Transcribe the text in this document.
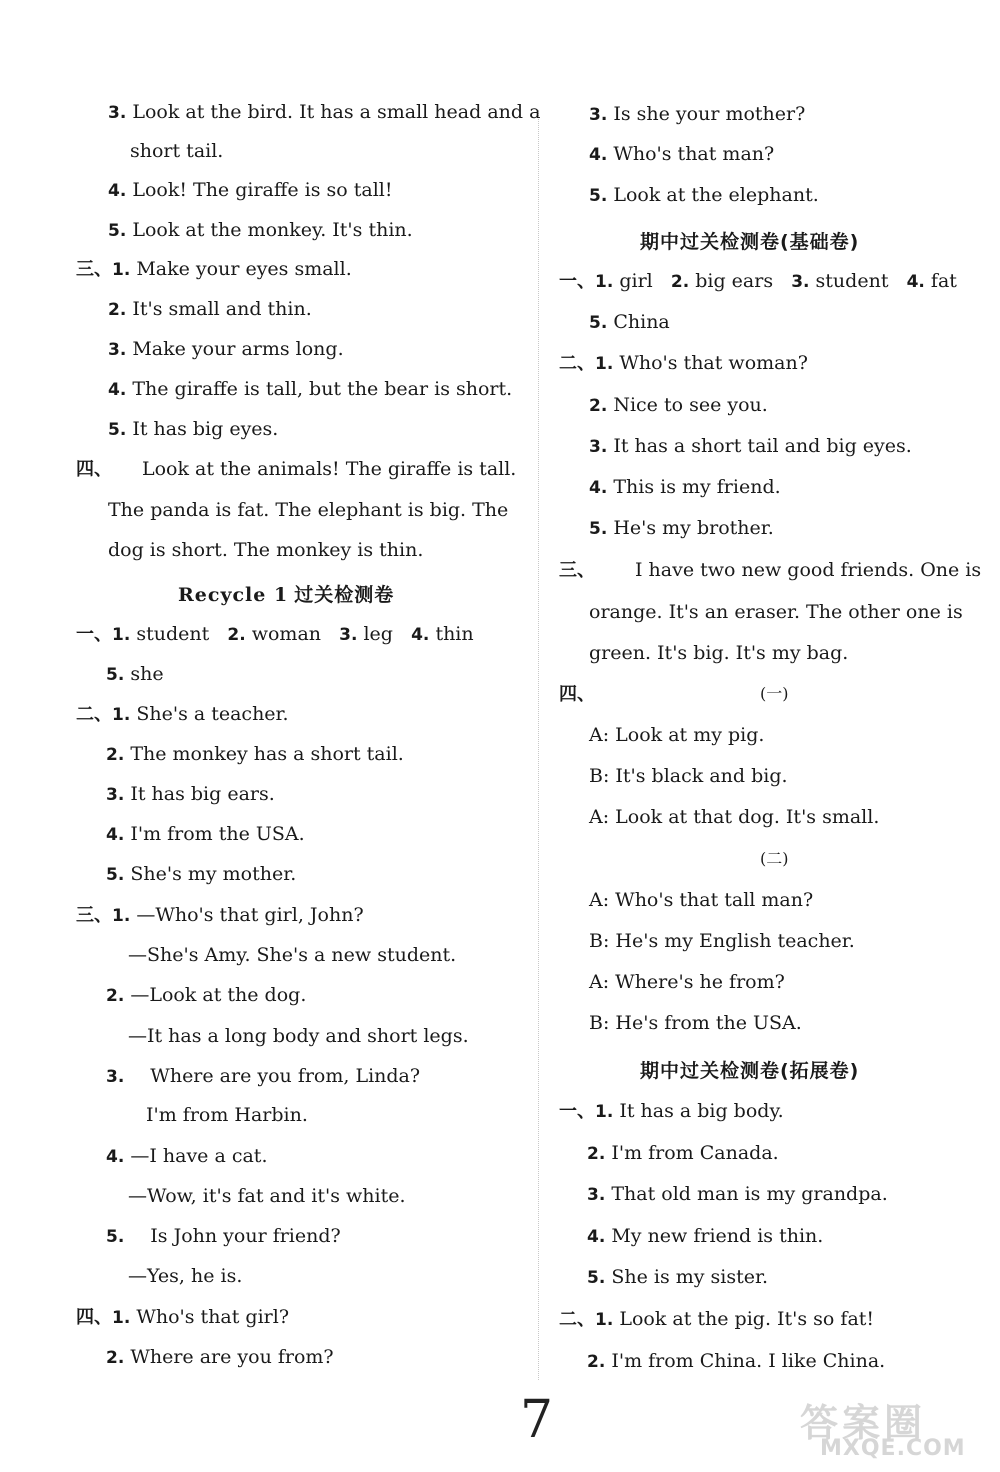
3. Look at the bird. It has a small head and a
short tail.
4. Look! The giraffe is so tall!
5. Look at the monkey. It's thin.
三、1. Make your eyes small.
2. It's small and thin.
3. Make your arms long.
4. The giraffe is tall, but the bear is short.
5. It has big eyes.
四、 Look at the animals! The giraffe is tall.
The panda is fat. The elephant is big. The
dog is short. The monkey is thin.
Recycle 1 过关检测卷
一、1. student 2. woman 3. leg 4. thin
5. she
二、1. She's a teacher.
2. The monkey has a short tail.
3. It has big ears.
4. I'm from the USA.
5. She's my mother.
三、1. —Who's that girl, John?
—She's Amy. She's a new student.
2. —Look at the dog.
—It has a long body and short legs.
3. Where are you from, Linda?
I'm from Harbin.
4. —I have a cat.
—Wow, it's fat and it's white.
5. Is John your friend?
—Yes, he is.
四、1. Who's that girl?
2. Where are you from?
3. Is she your mother?
4. Who's that man?
5. Look at the elephant.
期中过关检测卷(基础卷)
一、1. girl 2. big ears 3. student 4. fat
5. China
二、1. Who's that woman?
2. Nice to see you.
3. It has a short tail and big eyes.
4. This is my friend.
5. He's my brother.
三、 I have two new good friends. One is
orange. It's an eraser. The other one is
green. It's big. It's my bag.
四、	(一)
A: Look at my pig.
B: It's black and big.
A: Look at that dog. It's small.
(二)
A: Who's that tall man?
B: He's my English teacher.
A: Where's he from?
B: He's from the USA.
期中过关检测卷(拓展卷)
一、1. It has a big body.
2. I'm from Canada.
3. That old man is my grandpa.
4. My new friend is thin.
5. She is my sister.
二、1. Look at the pig. It's so fat!
2. I'm from China. I like China.
7	答案圈
MXQE.COM
